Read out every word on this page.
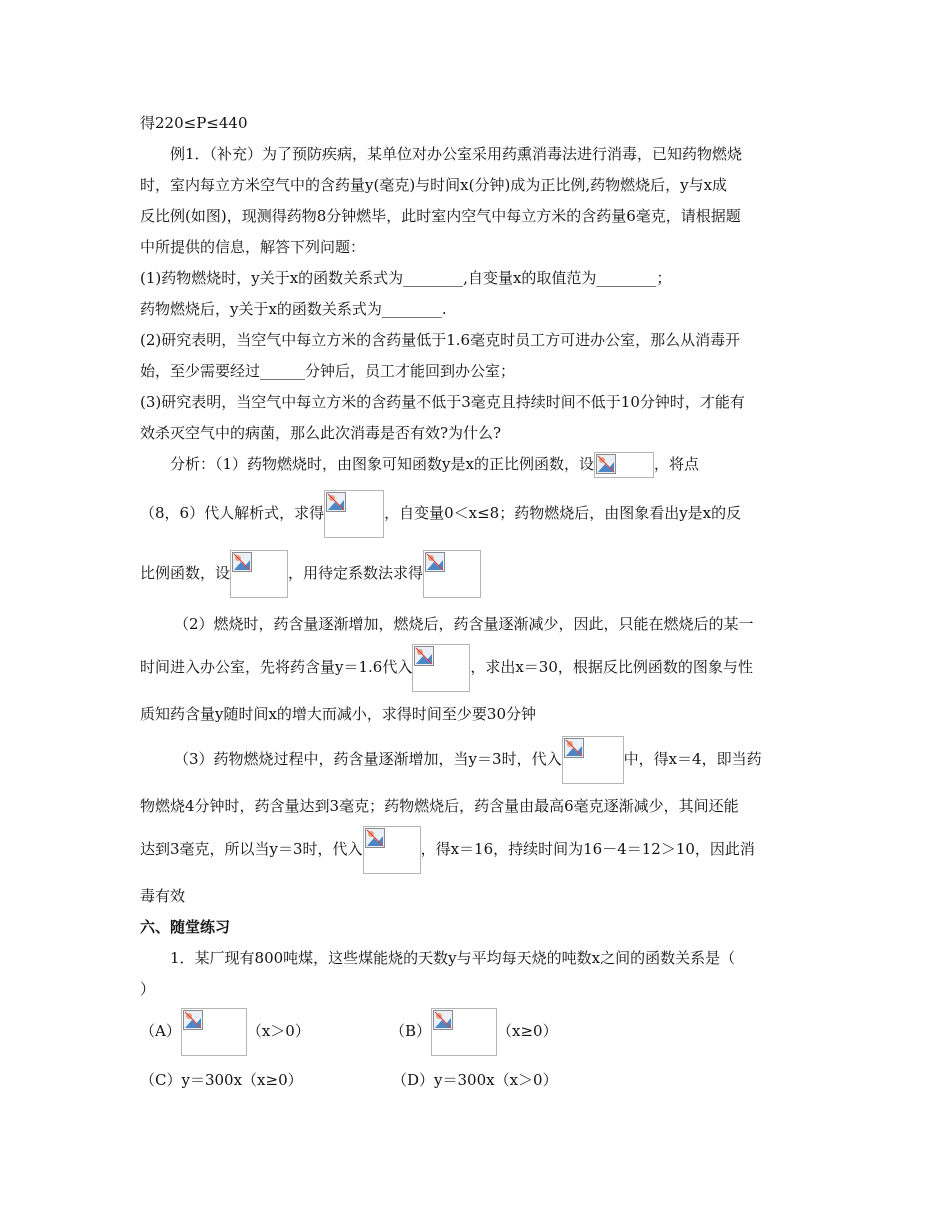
得220≤P≤440
例1．（补充）为了预防疾病，某单位对办公室采用药熏消毒法进行消毒，已知药物燃烧
时，室内每立方米空气中的含药量y(毫克)与时间x(分钟)成为正比例,药物燃烧后，y与x成
反比例(如图)，现测得药物8分钟燃毕，此时室内空气中每立方米的含药量6毫克，请根据题
中所提供的信息，解答下列问题：
(1)药物燃烧时，y关于x的函数关系式为________,自变量x的取值范为________；
药物燃烧后，y关于x的函数关系式为________.
(2)研究表明，当空气中每立方米的含药量低于1.6毫克时员工方可进办公室，那么从消毒开
始，至少需要经过______分钟后，员工才能回到办公室；
(3)研究表明，当空气中每立方米的含药量不低于3毫克且持续时间不低于10分钟时，才能有
效杀灭空气中的病菌，那么此次消毒是否有效?为什么?
分析：（1）药物燃烧时，由图象可知函数y是x的正比例函数，设	，将点
（8，6）代人解析式，求得	，自变量0＜x≤8；药物燃烧后，由图象看出y是x的反
比例函数，设	，用待定系数法求得
（2）燃烧时，药含量逐渐增加，燃烧后，药含量逐渐减少，因此，只能在燃烧后的某一
时间进入办公室，先将药含量y＝1.6代入	，求出x＝30，根据反比例函数的图象与性
质知药含量y随时间x的增大而减小，求得时间至少要30分钟
（3）药物燃烧过程中，药含量逐渐增加，当y＝3时，代入	中，得x＝4，即当药
物燃烧4分钟时，药含量达到3毫克；药物燃烧后，药含量由最高6毫克逐渐减少，其间还能
达到3毫克，所以当y＝3时，代入	，得x＝16，持续时间为16－4＝12＞10，因此消
毒有效
六、随堂练习
1．某厂现有800吨煤，这些煤能烧的天数y与平均每天烧的吨数x之间的函数关系是（
）
（A）	（x＞0）	（B）	（x≥0）
（C）y＝300x（x≥0）	（D）y＝300x（x＞0）
